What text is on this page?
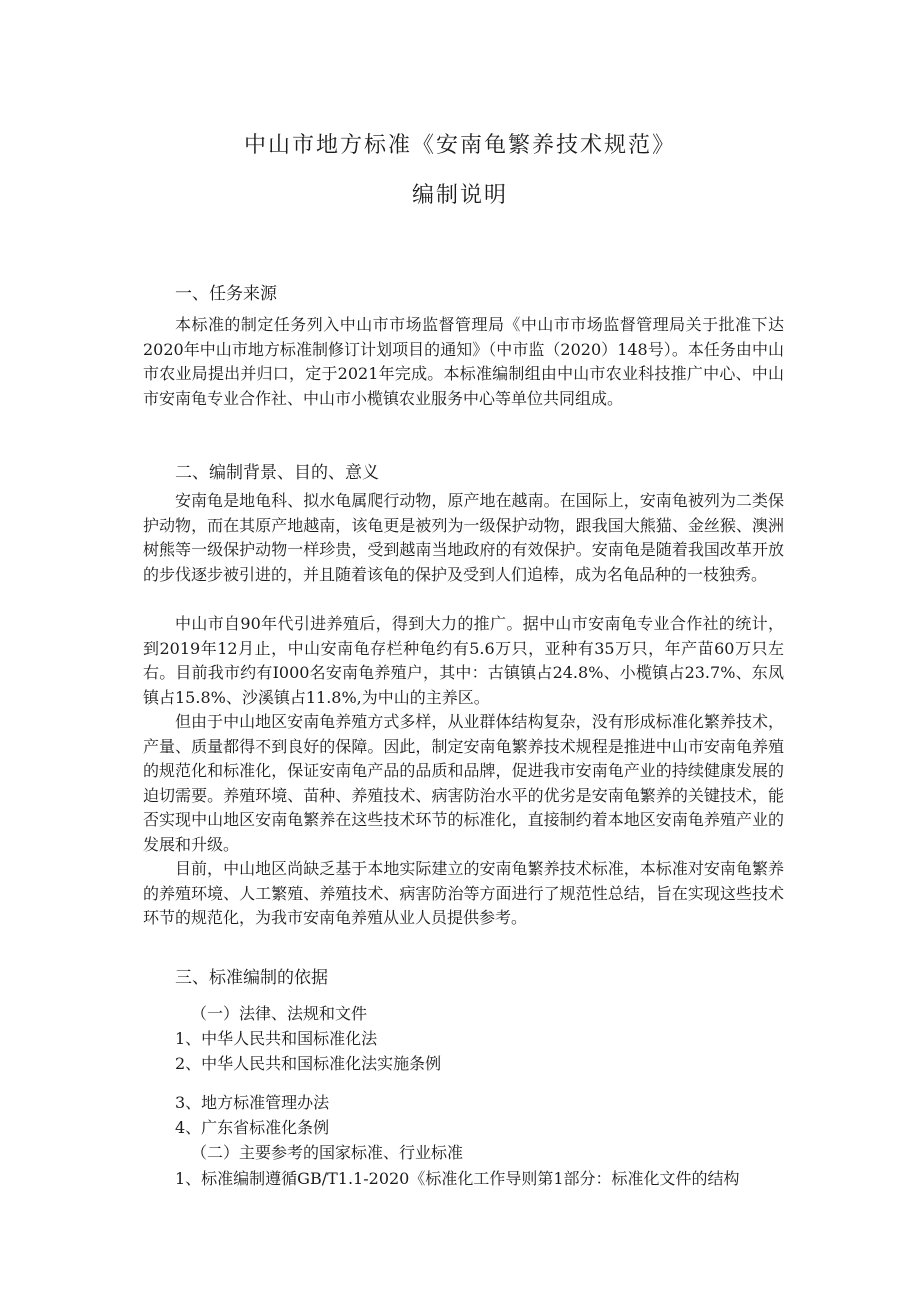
中山市地方标准《安南龟繁养技术规范》
编制说明
一、任务来源

本标准的制定任务列入中山市市场监督管理局《中山市市场监督管理局关于批准下达2020年中山市地方标准制修订计划项目的通知》（中市监（2020）148号）。本任务由中山市农业局提出并归口，定于2021年完成。本标准编制组由中山市农业科技推广中心、中山市安南龟专业合作社、中山市小榄镇农业服务中心等单位共同组成。

二、编制背景、目的、意义

安南龟是地龟科、拟水龟属爬行动物，原产地在越南。在国际上，安南龟被列为二类保护动物，而在其原产地越南，该龟更是被列为一级保护动物，跟我国大熊猫、金丝猴、澳洲树熊等一级保护动物一样珍贵，受到越南当地政府的有效保护。安南龟是随着我国改革开放的步伐逐步被引进的，并且随着该龟的保护及受到人们追棒，成为名龟品种的一枝独秀。

中山市自90年代引进养殖后，得到大力的推广。据中山市安南龟专业合作社的统计，到2019年12月止，中山安南龟存栏种龟约有5.6万只，亚种有35万只，年产苗60万只左右。目前我市约有I000名安南龟养殖户，其中：古镇镇占24.8%、小榄镇占23.7%、东凤镇占15.8%、沙溪镇占11.8%,为中山的主养区。

但由于中山地区安南龟养殖方式多样，从业群体结构复杂，没有形成标准化繁养技术，产量、质量都得不到良好的保障。因此，制定安南龟繁养技术规程是推进中山市安南龟养殖的规范化和标准化，保证安南龟产品的品质和品牌，促进我市安南龟产业的持续健康发展的迫切需要。养殖环境、苗种、养殖技术、病害防治水平的优劣是安南龟繁养的关键技术，能否实现中山地区安南龟繁养在这些技术环节的标准化，直接制约着本地区安南龟养殖产业的发展和升级。

目前，中山地区尚缺乏基于本地实际建立的安南龟繁养技术标准，本标准对安南龟繁养的养殖环境、人工繁殖、养殖技术、病害防治等方面进行了规范性总结，旨在实现这些技术环节的规范化，为我市安南龟养殖从业人员提供参考。

三、标准编制的依据
（一）法律、法规和文件
1、中华人民共和国标准化法
2、中华人民共和国标准化法实施条例
3、地方标准管理办法
4、广东省标准化条例
（二）主要参考的国家标准、行业标准
1、标准编制遵循GB/T1.1-2020《标准化工作导则第1部分：标准化文件的结构
